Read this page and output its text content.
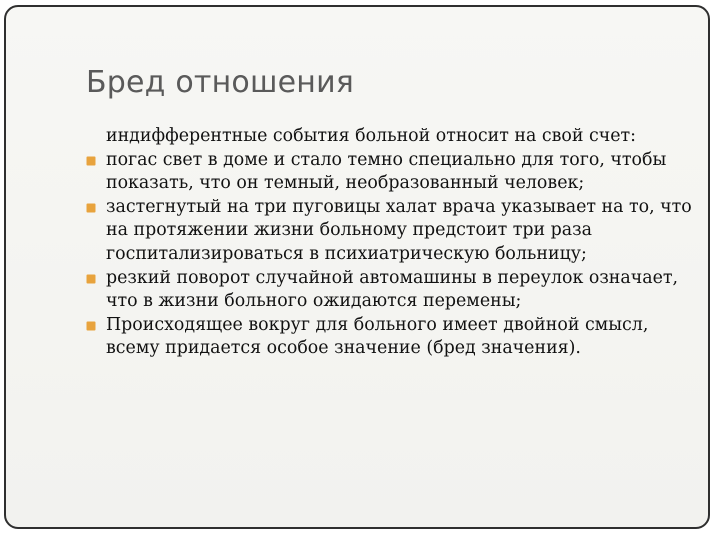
Бред отношения

индифферентные события больной относит на свой счет:

погас свет в доме и стало темно специально для того, чтобы показать, что он темный, необразованный человек;

застегнутый на три пуговицы халат врача указывает на то, что на протяжении жизни больному предстоит три раза госпитализироваться в психиатрическую больницу;

резкий поворот случайной автомашины в переулок означает, что в жизни больного ожидаются перемены;

Происходящее вокруг для больного имеет двойной смысл, всему придается особое значение (бред значения).
